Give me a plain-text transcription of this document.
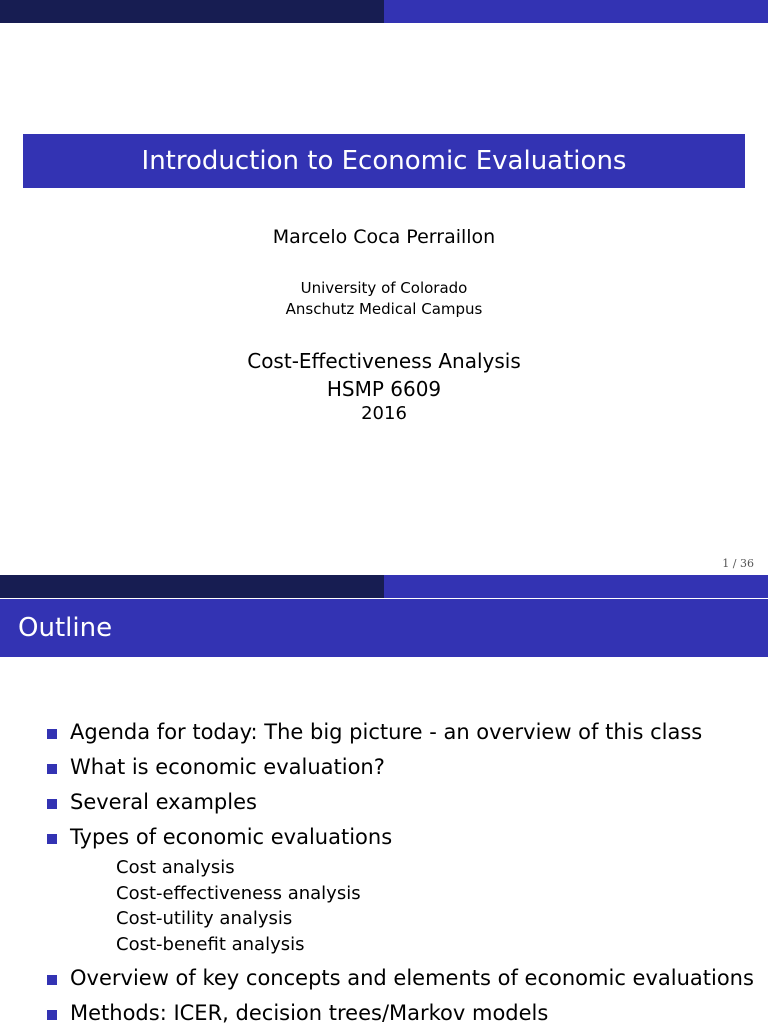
Introduction to Economic Evaluations
Marcelo Coca Perraillon
University of Colorado
Anschutz Medical Campus
Cost-Effectiveness Analysis
HSMP 6609
2016
1 / 36
Outline
Agenda for today: The big picture - an overview of this class
What is economic evaluation?
Several examples
Types of economic evaluations
Cost analysis
Cost-effectiveness analysis
Cost-utility analysis
Cost-benefit analysis
Overview of key concepts and elements of economic evaluations
Methods: ICER, decision trees/Markov models
